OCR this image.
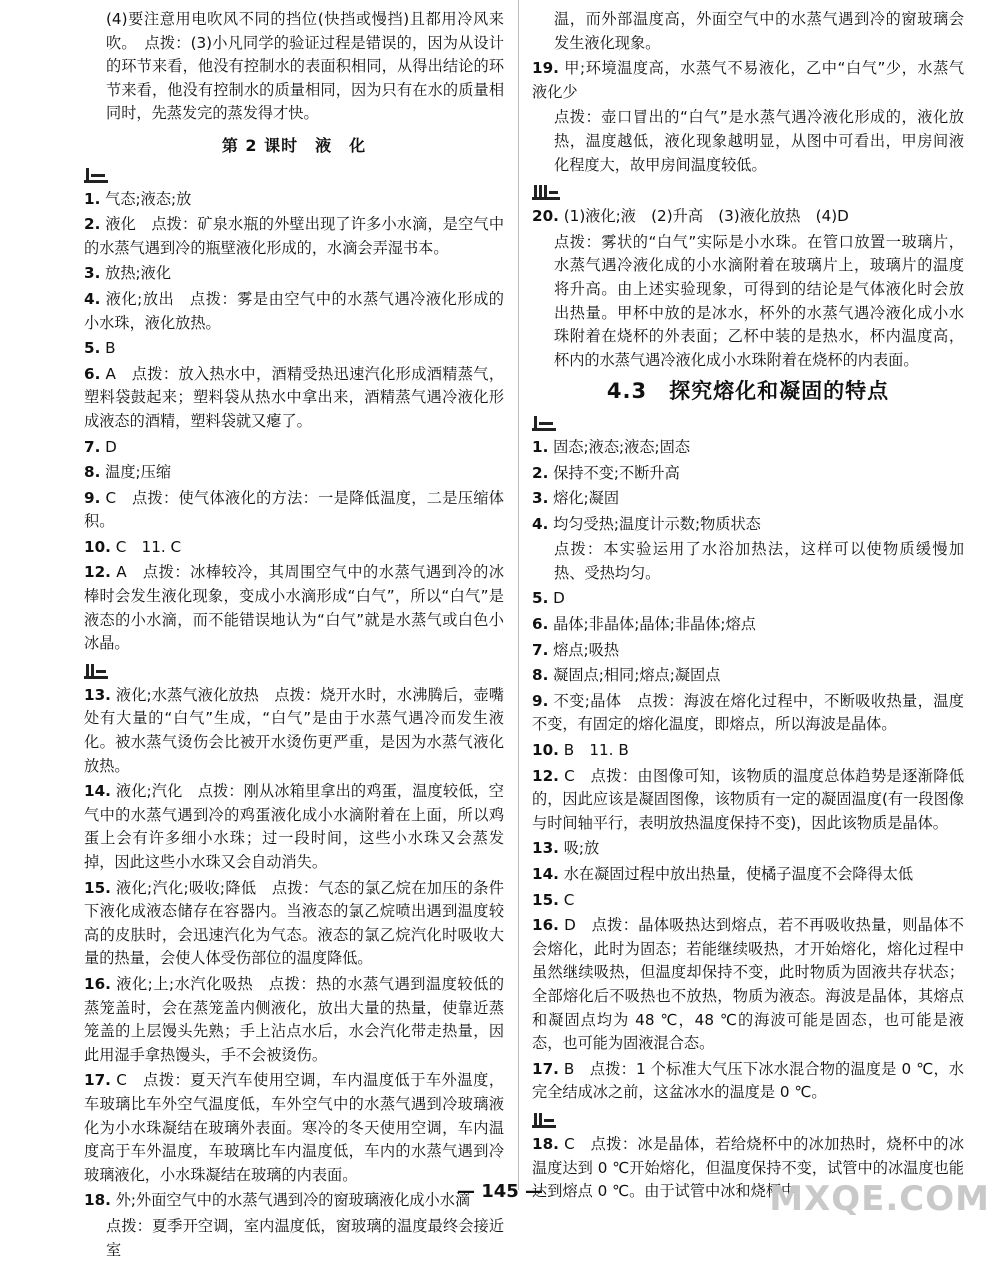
(4)要注意用电吹风不同的挡位(快挡或慢挡)且都用冷风来吹。　点拨：(3)小凡同学的验证过程是错误的，因为从设计的环节来看，他没有控制水的表面积相同，从得出结论的环节来看，他没有控制水的质量相同，因为只有在水的质量相同时，先蒸发完的蒸发得才快。
第 2 课时　液　化
1. 气态;液态;放
2. 液化　点拨：矿泉水瓶的外壁出现了许多小水滴，是空气中的水蒸气遇到冷的瓶壁液化形成的，水滴会弄湿书本。
3. 放热;液化
4. 液化;放出　点拨：雾是由空气中的水蒸气遇冷液化形成的小水珠，液化放热。
5. B
6. A　点拨：放入热水中，酒精受热迅速汽化形成酒精蒸气，塑料袋鼓起来；塑料袋从热水中拿出来，酒精蒸气遇冷液化形成液态的酒精，塑料袋就又瘪了。
7. D
8. 温度;压缩
9. C　点拨：使气体液化的方法：一是降低温度，二是压缩体积。
10. C　11. C
12. A　点拨：冰棒较冷，其周围空气中的水蒸气遇到冷的冰棒时会发生液化现象，变成小水滴形成“白气”，所以“白气”是液态的小水滴，而不能错误地认为“白气”就是水蒸气或白色小冰晶。
13. 液化;水蒸气液化放热　点拨：烧开水时，水沸腾后，壶嘴处有大量的“白气”生成，“白气”是由于水蒸气遇冷而发生液化。被水蒸气烫伤会比被开水烫伤更严重，是因为水蒸气液化放热。
14. 液化;汽化　点拨：刚从冰箱里拿出的鸡蛋，温度较低，空气中的水蒸气遇到冷的鸡蛋液化成小水滴附着在上面，所以鸡蛋上会有许多细小水珠；过一段时间，这些小水珠又会蒸发掉，因此这些小水珠又会自动消失。
15. 液化;汽化;吸收;降低　点拨：气态的氯乙烷在加压的条件下液化成液态储存在容器内。当液态的氯乙烷喷出遇到温度较高的皮肤时，会迅速汽化为气态。液态的氯乙烷汽化时吸收大量的热量，会使人体受伤部位的温度降低。
16. 液化;上;水汽化吸热　点拨：热的水蒸气遇到温度较低的蒸笼盖时，会在蒸笼盖内侧液化，放出大量的热量，使靠近蒸笼盖的上层馒头先熟；手上沾点水后，水会汽化带走热量，因此用湿手拿热馒头，手不会被烫伤。
17. C　点拨：夏天汽车使用空调，车内温度低于车外温度，车玻璃比车外空气温度低，车外空气中的水蒸气遇到冷玻璃液化为小水珠凝结在玻璃外表面。寒冷的冬天使用空调，车内温度高于车外温度，车玻璃比车内温度低，车内的水蒸气遇到冷玻璃液化，小水珠凝结在玻璃的内表面。
18. 外;外面空气中的水蒸气遇到冷的窗玻璃液化成小水滴
点拨：夏季开空调，室内温度低，窗玻璃的温度最终会接近室
温，而外部温度高，外面空气中的水蒸气遇到冷的窗玻璃会发生液化现象。
19. 甲;环境温度高，水蒸气不易液化，乙中“白气”少，水蒸气液化少
点拨：壶口冒出的“白气”是水蒸气遇冷液化形成的，液化放热，温度越低，液化现象越明显，从图中可看出，甲房间液化程度大，故甲房间温度较低。
20. (1)液化;液　(2)升高　(3)液化放热　(4)D
点拨：雾状的“白气”实际是小水珠。在管口放置一玻璃片，水蒸气遇冷液化成的小水滴附着在玻璃片上，玻璃片的温度将升高。由上述实验现象，可得到的结论是气体液化时会放出热量。甲杯中放的是冰水，杯外的水蒸气遇冷液化成小水珠附着在烧杯的外表面；乙杯中装的是热水，杯内温度高，杯内的水蒸气遇冷液化成小水珠附着在烧杯的内表面。
4.3　探究熔化和凝固的特点
1. 固态;液态;液态;固态
2. 保持不变;不断升高
3. 熔化;凝固
4. 均匀受热;温度计示数;物质状态
点拨：本实验运用了水浴加热法，这样可以使物质缓慢加热、受热均匀。
5. D
6. 晶体;非晶体;晶体;非晶体;熔点
7. 熔点;吸热
8. 凝固点;相同;熔点;凝固点
9. 不变;晶体　点拨：海波在熔化过程中，不断吸收热量，温度不变，有固定的熔化温度，即熔点，所以海波是晶体。
10. B　11. B
12. C　点拨：由图像可知，该物质的温度总体趋势是逐渐降低的，因此应该是凝固图像，该物质有一定的凝固温度(有一段图像与时间轴平行，表明放热温度保持不变)，因此该物质是晶体。
13. 吸;放
14. 水在凝固过程中放出热量，使橘子温度不会降得太低
15. C
16. D　点拨：晶体吸热达到熔点，若不再吸收热量，则晶体不会熔化，此时为固态；若能继续吸热，才开始熔化，熔化过程中虽然继续吸热，但温度却保持不变，此时物质为固液共存状态；全部熔化后不吸热也不放热，物质为液态。海波是晶体，其熔点和凝固点均为 48 ℃，48 ℃的海波可能是固态，也可能是液态，也可能为固液混合态。
17. B　点拨：1 个标准大气压下冰水混合物的温度是 0 ℃，水完全结成冰之前，这盆冰水的温度是 0 ℃。
18. C　点拨：冰是晶体，若给烧杯中的冰加热时，烧杯中的冰温度达到 0 ℃开始熔化，但温度保持不变，试管中的冰温度也能达到熔点 0 ℃。由于试管中冰和烧杯中
— 145 —	MXQE.COM
